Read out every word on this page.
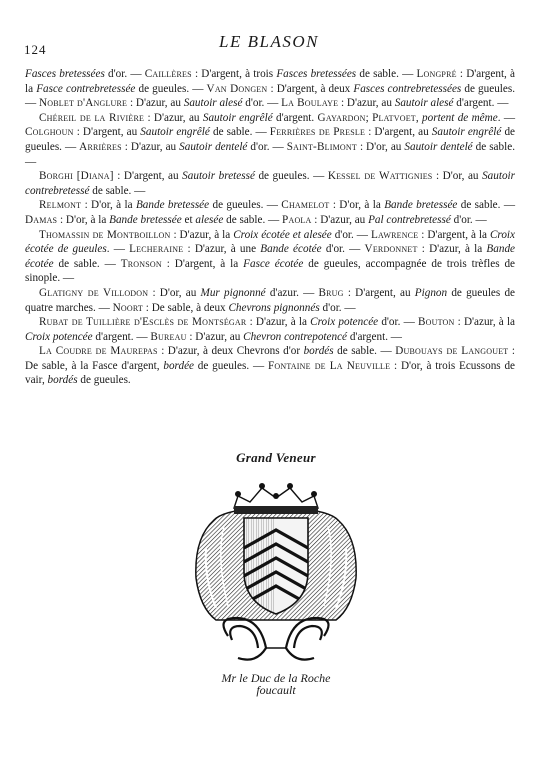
124	LE BLASON

Fasces bretessées d'or. — Caillères : D'argent, à trois Fasces bretessées de sable. — Longpré : D'argent, à la Fasce contrebretessée de gueules. — Van Dongen : D'argent, à deux Fasces contrebretessées de gueules. — Noblet d'Anglure : D'azur, au Sautoir alesé d'or. — La Boulaye : D'azur, au Sautoir alesé d'argent. —

Chéreil de la Rivière : D'azur, au Sautoir engrêlé d'argent. Gayardon; Platvoet, portent de même. — Colghoun : D'argent, au Sautoir engrêlé de sable. — Ferrières de Presle : D'argent, au Sautoir engrêlé de gueules. — Arrières : D'azur, au Sautoir dentelé d'or. — Saint-Blimont : D'or, au Sautoir dentelé de sable. —

Borghi [Diana] : D'argent, au Sautoir bretessé de gueules. — Kessel de Wattignies : D'or, au Sautoir contrebretessé de sable. —

Relmont : D'or, à la Bande bretessée de gueules. — Chamelot : D'or, à la Bande bretessée de sable. — Damas : D'or, à la Bande bretessée et alesée de sable. — Paola : D'azur, au Pal contrebretessé d'or. —

Thomassin de Montboillon : D'azur, à la Croix écotée et alesée d'or. — Lawrence : D'argent, à la Croix écotée de gueules. — Lecheraine : D'azur, à une Bande écotée d'or. — Verdonnet : D'azur, à la Bande écotée de sable. — Tronson : D'argent, à la Fasce écotée de gueules, accompagnée de trois trèfles de sinople. —

Glatigny de Villodon : D'or, au Mur pignonné d'azur. — Brug : D'argent, au Pignon de gueules de quatre marches. — Noort : De sable, à deux Chevrons pignonnés d'or. —

Rubat de Tuillière d'Esclès de Montségar : D'azur, à la Croix potencée d'or. — Bouton : D'azur, à la Croix potencée d'argent. — Bureau : D'azur, au Chevron contrepotencé d'argent. —

La Coudre de Maurepas : D'azur, à deux Chevrons d'or bordés de sable. — Dubouays de Langouet : De sable, à la Fasce d'argent, bordée de gueules. — Fontaine de La Neuville : D'or, à trois Ecussons de vair, bordés de gueules.

Grand Veneur
Mr le Duc de la Roche
foucault
